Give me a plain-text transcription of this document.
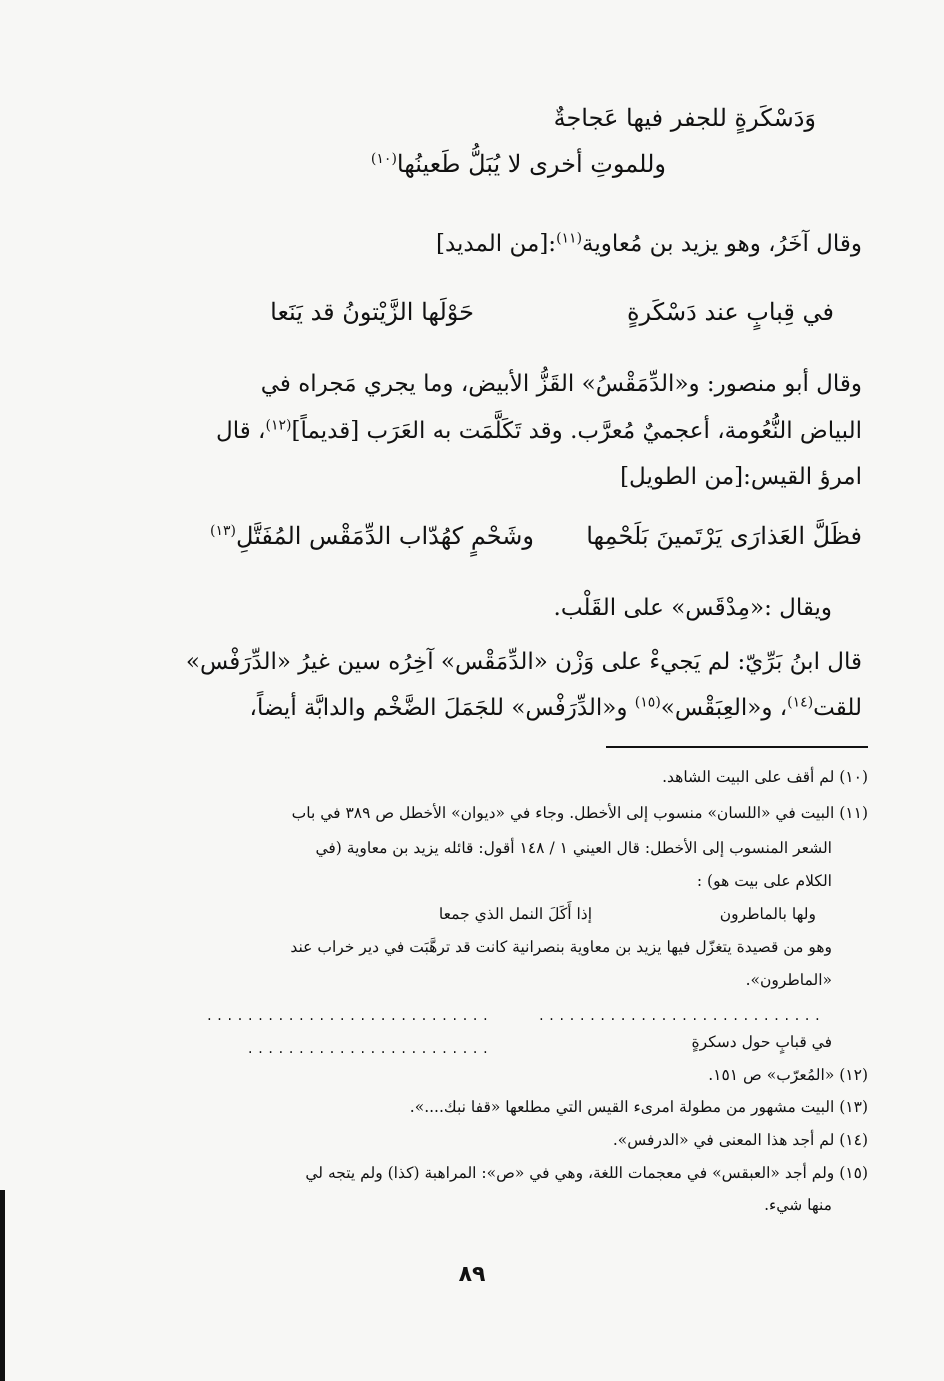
وَدَسْكَرةٍ للجفر فيها عَجاجةٌ
وللموتِ أخرى لا يُبَلُّ طَعينُها$^{(١٠)}$
وقال آخَرُ، وهو يزيد بن مُعاوية$^{(١١)}$:[من المديد]
في قِبابٍ عند دَسْكَرةٍ
حَوْلَها الزَّيْتونُ قد يَنَعا
وقال أبو منصور: و«الدِّمَقْسُ» القَزُّ الأبيض، وما يجري مَجراه في
البياض النُّعُومة، أعجميٌ مُعرَّب. وقد تَكَلَّمَت به العَرَب [قديماً]$^{(١٢)}$، قال
امرؤ القيس:[من الطويل]
فظَلَّ العَذارَى يَرْتَمينَ بَلَحْمِها
وشَحْمٍ كهُدّاب الدِّمَقْس المُفَتَّلِ$^{(١٣)}$
ويقال :«مِدْقَس» على القَلْب.
قال ابنُ بَرِّيّ: لم يَجيءْ على وَزْن «الدِّمَقْس» آخِرُه سين غيرُ «الدِّرَفْس»
للقت$^{(١٤)}$، و«العِبَقْس»$^{(١٥)}$ و«الدِّرَفْس» للجَمَلَ الضَّخْم والدابَّة أيضاً،
(١٠) لم أقف على البيت الشاهد.
(١١) البيت في «اللسان» منسوب إلى الأخطل. وجاء في «ديوان» الأخطل ص ٣٨٩ في باب
الشعر المنسوب إلى الأخطل: قال العيني ١ / ١٤٨ أقول: قائله يزيد بن معاوية (في
الكلام على بيت هو) :
ولها بالماطرون
إذا أَكَلَ النمل الذي جمعا
وهو من قصيدة يتغزّل فيها يزيد بن معاوية بنصرانية كانت قد ترهَّبَت في دير خراب عند
«الماطرون».
............................
............................
في قبابٍ حول دسكرةٍ
........................
(١٢) «المُعرّب» ص ١٥١.
(١٣) البيت مشهور من مطولة امرىء القيس التي مطلعها «قفا نبك....».
(١٤) لم أجد هذا المعنى في «الدرفس».
(١٥) ولم أجد «العبقس» في معجمات اللغة، وهي في «ص»: المراهبة (كذا) ولم يتجه لي
منها شيء.
٨٩
